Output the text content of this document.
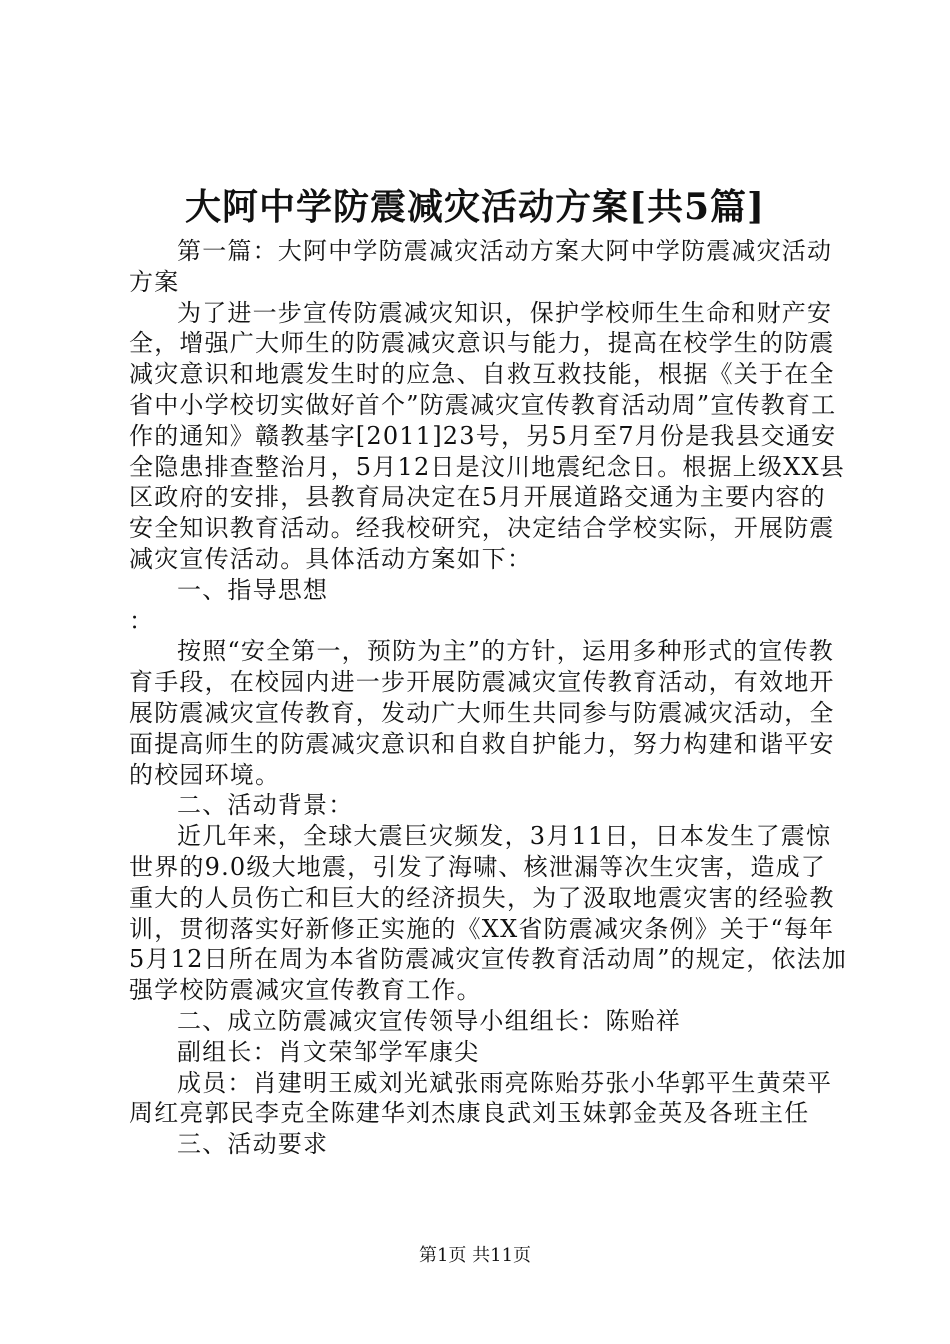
大阿中学防震减灾活动方案[共5篇]

第一篇：大阿中学防震减灾活动方案大阿中学防震减灾活动方案

为了进一步宣传防震减灾知识，保护学校师生生命和财产安全，增强广大师生的防震减灾意识与能力，提高在校学生的防震减灾意识和地震发生时的应急、自救互救技能，根据《关于在全省中小学校切实做好首个”防震减灾宣传教育活动周”宣传教育工作的通知》赣教基字[2011]23号，另5月至7月份是我县交通安全隐患排查整治月，5月12日是汶川地震纪念日。根据上级XX县区政府的安排，县教育局决定在5月开展道路交通为主要内容的安全知识教育活动。经我校研究，决定结合学校实际，开展防震减灾宣传活动。具体活动方案如下：

一、指导思想

：

按照“安全第一，预防为主”的方针，运用多种形式的宣传教育手段，在校园内进一步开展防震减灾宣传教育活动，有效地开展防震减灾宣传教育，发动广大师生共同参与防震减灾活动，全面提高师生的防震减灾意识和自救自护能力，努力构建和谐平安的校园环境。

二、活动背景：

近几年来，全球大震巨灾频发，3月11日，日本发生了震惊世界的9.0级大地震，引发了海啸、核泄漏等次生灾害，造成了重大的人员伤亡和巨大的经济损失，为了汲取地震灾害的经验教训，贯彻落实好新修正实施的《XX省防震减灾条例》关于“每年5月12日所在周为本省防震减灾宣传教育活动周”的规定，依法加强学校防震减灾宣传教育工作。

二、成立防震减灾宣传领导小组组长：陈贻祥

副组长：肖文荣邹学军康尖

成员：肖建明王威刘光斌张雨亮陈贻芬张小华郭平生黄荣平周红亮郭民李克全陈建华刘杰康良武刘玉妹郭金英及各班主任

三、活动要求

第1页 共11页
